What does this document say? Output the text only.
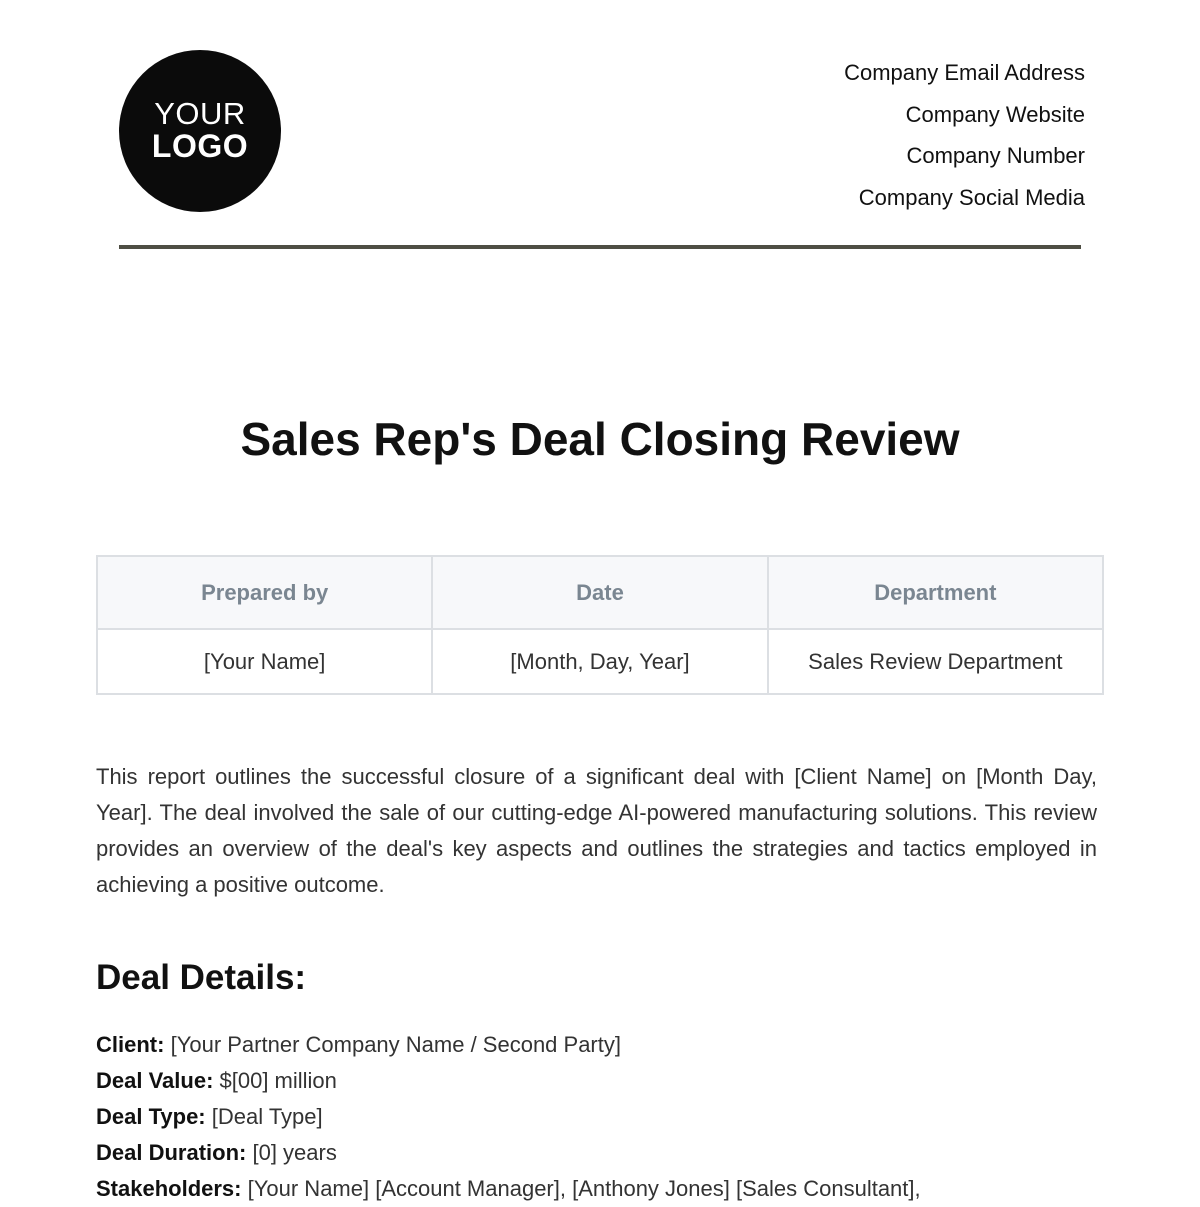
YOUR
LOGO
Company Email Address
Company Website
Company Number
Company Social Media
Sales Rep's Deal Closing Review
Prepared by	Date	Department
[Your Name]	[Month, Day, Year]	Sales Review Department

This report outlines the successful closure of a significant deal with [Client Name] on [Month Day, Year]. The deal involved the sale of our cutting-edge AI-powered manufacturing solutions. This review provides an overview of the deal's key aspects and outlines the strategies and tactics employed in achieving a positive outcome.

Deal Details:
Client: [Your Partner Company Name / Second Party]
Deal Value: $[00] million
Deal Type: [Deal Type]
Deal Duration: [0] years
Stakeholders: [Your Name] [Account Manager], [Anthony Jones] [Sales Consultant],
